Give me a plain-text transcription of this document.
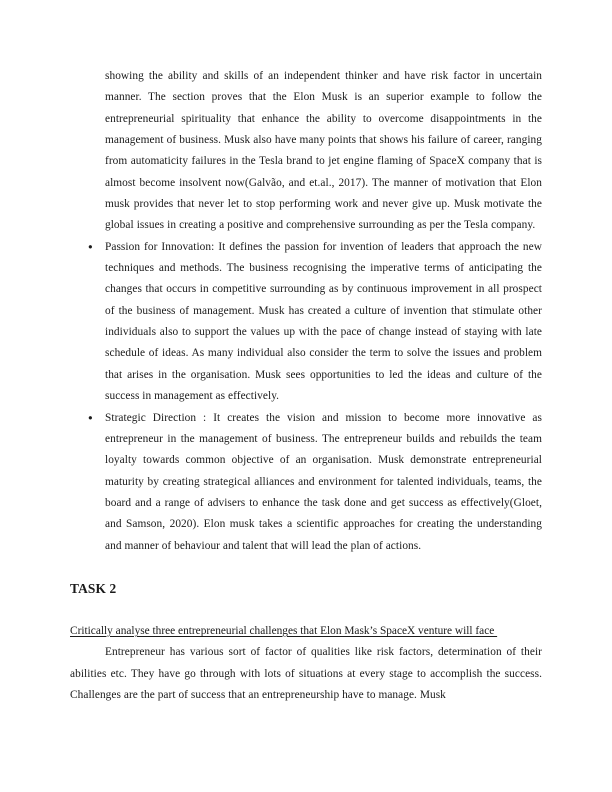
showing the ability and skills of an independent thinker and have risk factor in uncertain manner. The section proves that the Elon Musk is an superior example to follow the entrepreneurial spirituality that enhance the ability to overcome disappointments in the management of business. Musk also have many points that shows his failure of career, ranging from automaticity failures in the Tesla brand to jet engine flaming of SpaceX company that is almost become insolvent now(Galvão, and et.al., 2017). The manner of motivation that Elon musk provides that never let to stop performing work and never give up. Musk motivate the global issues in creating a positive and comprehensive surrounding as per the Tesla company.

• Passion for Innovation: It defines the passion for invention of leaders that approach the new techniques and methods. The business recognising the imperative terms of anticipating the changes that occurs in competitive surrounding as by continuous improvement in all prospect of the business of management. Musk has created a culture of invention that stimulate other individuals also to support the values up with the pace of change instead of staying with late schedule of ideas. As many individual also consider the term to solve the issues and problem that arises in the organisation. Musk sees opportunities to led the ideas and culture of the success in management as effectively.
• Strategic Direction : It creates the vision and mission to become more innovative as entrepreneur in the management of business. The entrepreneur builds and rebuilds the team loyalty towards common objective of an organisation. Musk demonstrate entrepreneurial maturity by creating strategical alliances and environment for talented individuals, teams, the board and a range of advisers to enhance the task done and get success as effectively(Gloet, and Samson, 2020). Elon musk takes a scientific approaches for creating the understanding and manner of behaviour and talent that will lead the plan of actions.
TASK 2

Critically analyse three entrepreneurial challenges that Elon Mask’s SpaceX venture will face

Entrepreneur has various sort of factor of qualities like risk factors, determination of their abilities etc. They have go through with lots of situations at every stage to accomplish the success. Challenges are the part of success that an entrepreneurship have to manage. Musk
